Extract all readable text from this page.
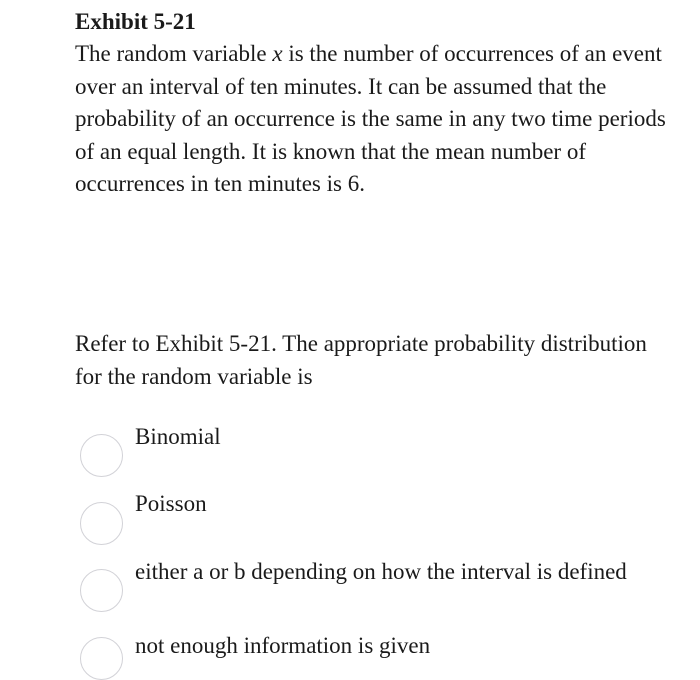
Exhibit 5-21

The random variable x is the number of occurrences of an event over an interval of ten minutes. It can be assumed that the probability of an occurrence is the same in any two time periods of an equal length. It is known that the mean number of occurrences in ten minutes is 6.

Refer to Exhibit 5-21. The appropriate probability distribution for the random variable is

Binomial
Poisson
either a or b depending on how the interval is defined
not enough information is given
